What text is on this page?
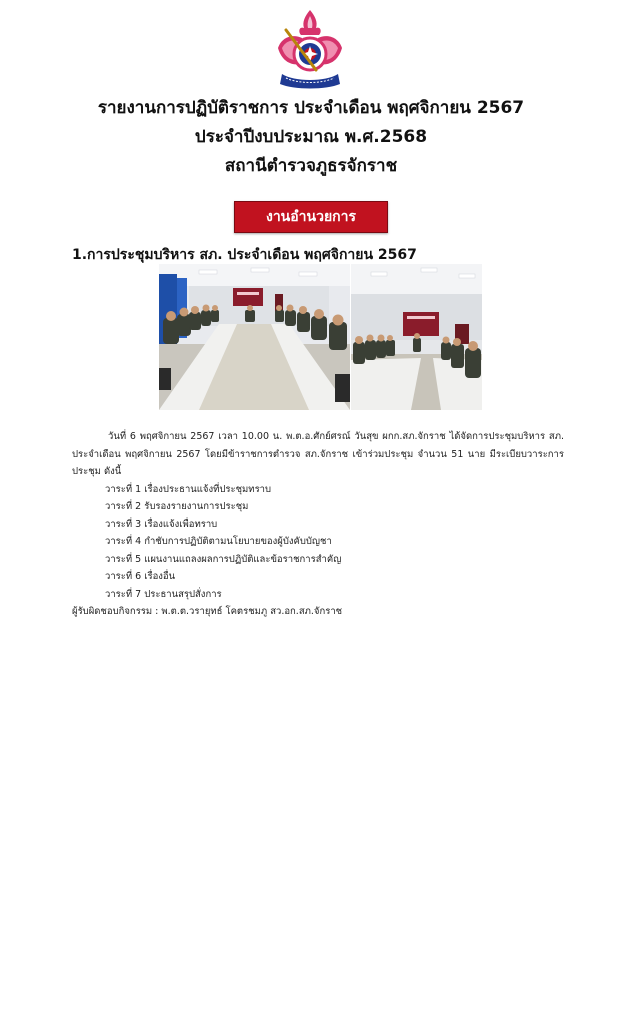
รายงานการปฏิบัติราชการ ประจำเดือน พฤศจิกายน 2567
ประจำปีงบประมาณ พ.ศ.2568
สถานีตำรวจภูธรจักราช
งานอำนวยการ
1.การประชุมบริหาร สภ. ประจำเดือน พฤศจิกายน 2567

วันที่ 6 พฤศจิกายน 2567 เวลา 10.00 น. พ.ต.อ.ศักย์ศรณ์ วันสุข ผกก.สภ.จักราช ได้จัดการประชุมบริหาร สภ. ประจำเดือน พฤศจิกายน 2567 โดยมีข้าราชการตำรวจ สภ.จักราช เข้าร่วมประชุม จำนวน 51 นาย มีระเบียบวาระการประชุม ดังนี้

วาระที่ 1 เรื่องประธานแจ้งที่ประชุมทราบ
วาระที่ 2 รับรองรายงานการประชุม
วาระที่ 3 เรื่องแจ้งเพื่อทราบ
วาระที่ 4 กำชับการปฏิบัติตามนโยบายของผู้บังคับบัญชา
วาระที่ 5 แผนงานแถลงผลการปฏิบัติและข้อราชการสำคัญ
วาระที่ 6 เรื่องอื่น
วาระที่ 7 ประธานสรุปสั่งการ

ผู้รับผิดชอบกิจกรรม : พ.ต.ต.วรายุทธ์ โคตรชมภู สว.อก.สภ.จักราช
